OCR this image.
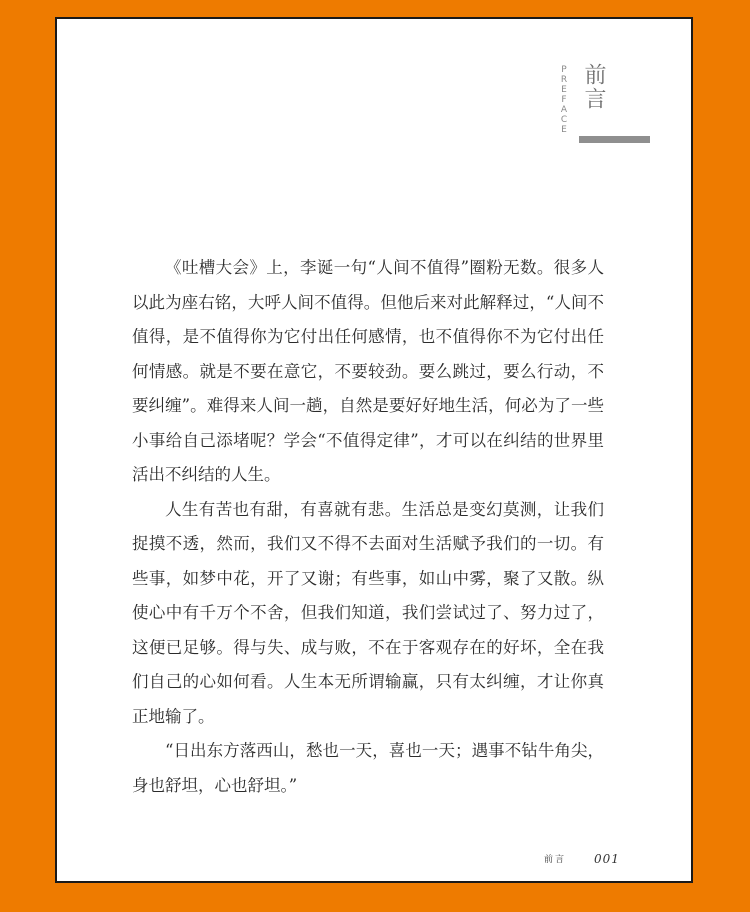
PREFACE 前言

《吐槽大会》上，李诞一句“人间不值得”圈粉无数。很多人以此为座右铭，大呼人间不值得。但他后来对此解释过，“人间不值得，是不值得你为它付出任何感情，也不值得你不为它付出任何情感。就是不要在意它，不要较劲。要么跳过，要么行动，不要纠缠”。难得来人间一趟，自然是要好好地生活，何必为了一些小事给自己添堵呢？学会“不值得定律”，才可以在纠结的世界里活出不纠结的人生。

人生有苦也有甜，有喜就有悲。生活总是变幻莫测，让我们捉摸不透，然而，我们又不得不去面对生活赋予我们的一切。有些事，如梦中花，开了又谢；有些事，如山中雾，聚了又散。纵使心中有千万个不舍，但我们知道，我们尝试过了、努力过了，这便已足够。得与失、成与败，不在于客观存在的好坏，全在我们自己的心如何看。人生本无所谓输赢，只有太纠缠，才让你真正地输了。

“日出东方落西山，愁也一天，喜也一天；遇事不钻牛角尖，身也舒坦，心也舒坦。”

前言 001
